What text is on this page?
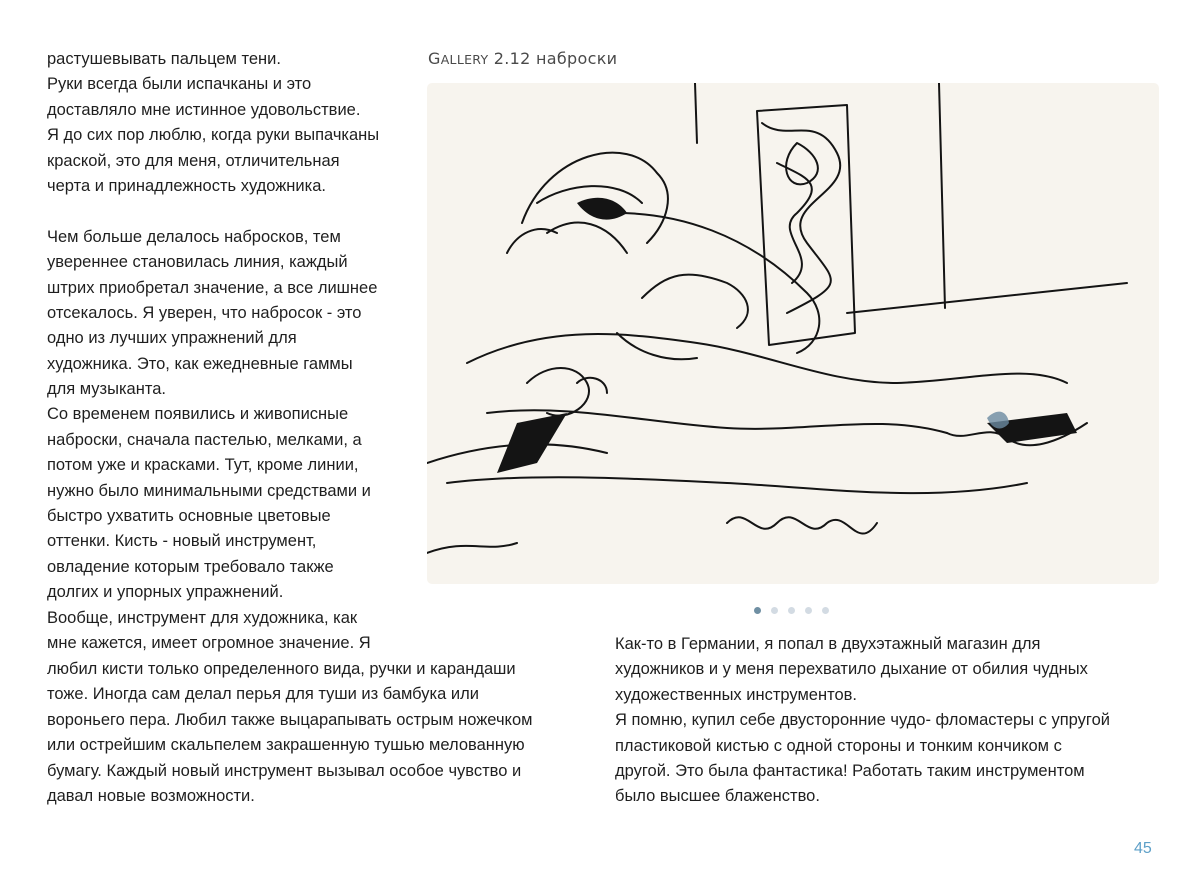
растушевывать пальцем тени.
Руки всегда были испачканы и это
доставляло мне истинное удовольствие.
Я до сих пор люблю, когда руки выпачканы
краской, это для меня, отличительная
черта и принадлежность художника.
Чем больше делалось набросков, тем
увереннее становилась линия, каждый
штрих приобретал значение, а все лишнее
отсекалось. Я уверен, что набросок - это
одно из лучших упражнений для
художника. Это, как ежедневные гаммы
для музыканта.
Со временем появились и живописные
наброски, сначала пастелью, мелками, а
потом уже и красками. Тут, кроме линии,
нужно было минимальными средствами и
быстро ухватить основные цветовые
оттенки. Кисть - новый инструмент,
овладение которым требовало также
долгих и упорных упражнений.
Вообще, инструмент для художника, как
мне кажется, имеет огромное значение. Я
GALLERY 2.12 наброски
любил кисти только определенного вида, ручки и карандаши
тоже. Иногда сам делал перья для туши из бамбука или
вороньего пера. Любил также выцарапывать острым ножечком
или острейшим скальпелем закрашенную тушью мелованную
бумагу. Каждый новый инструмент вызывал особое чувство и
давал новые возможности.
Как-то в Германии, я попал в двухэтажный магазин для
художников и у меня перехватило дыхание от обилия чудных
художественных инструментов.
Я помню, купил себе двусторонние чудо- фломастеры с упругой
пластиковой кистью с одной стороны и тонким кончиком с
другой. Это была фантастика! Работать таким инструментом
было высшее блаженство.
45
